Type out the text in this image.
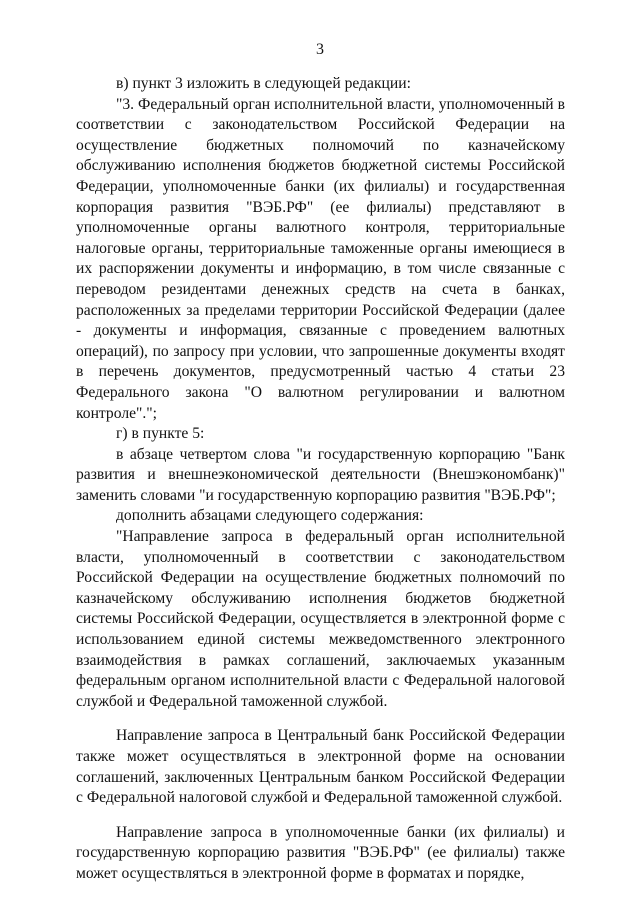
3

в) пункт 3 изложить в следующей редакции:

"3. Федеральный орган исполнительной власти, уполномоченный в соответствии с законодательством Российской Федерации на осуществление бюджетных полномочий по казначейскому обслуживанию исполнения бюджетов бюджетной системы Российской Федерации, уполномоченные банки (их филиалы) и государственная корпорация развития "ВЭБ.РФ" (ее филиалы) представляют в уполномоченные органы валютного контроля, территориальные налоговые органы, территориальные таможенные органы имеющиеся в их распоряжении документы и информацию, в том числе связанные с переводом резидентами денежных средств на счета в банках, расположенных за пределами территории Российской Федерации (далее - документы и информация, связанные с проведением валютных операций), по запросу при условии, что запрошенные документы входят в перечень документов, предусмотренный частью 4 статьи 23 Федерального закона "О валютном регулировании и валютном контроле".";

г) в пункте 5:

в абзаце четвертом слова "и государственную корпорацию "Банк развития и внешнеэкономической деятельности (Внешэкономбанк)" заменить словами "и государственную корпорацию развития "ВЭБ.РФ";

дополнить абзацами следующего содержания:

"Направление запроса в федеральный орган исполнительной власти, уполномоченный в соответствии с законодательством Российской Федерации на осуществление бюджетных полномочий по казначейскому обслуживанию исполнения бюджетов бюджетной системы Российской Федерации, осуществляется в электронной форме с использованием единой системы межведомственного электронного взаимодействия в рамках соглашений, заключаемых указанным федеральным органом исполнительной власти с Федеральной налоговой службой и Федеральной таможенной службой.

Направление запроса в Центральный банк Российской Федерации также может осуществляться в электронной форме на основании соглашений, заключенных Центральным банком Российской Федерации с Федеральной налоговой службой и Федеральной таможенной службой.

Направление запроса в уполномоченные банки (их филиалы) и государственную корпорацию развития "ВЭБ.РФ" (ее филиалы) также может осуществляться в электронной форме в форматах и порядке,
